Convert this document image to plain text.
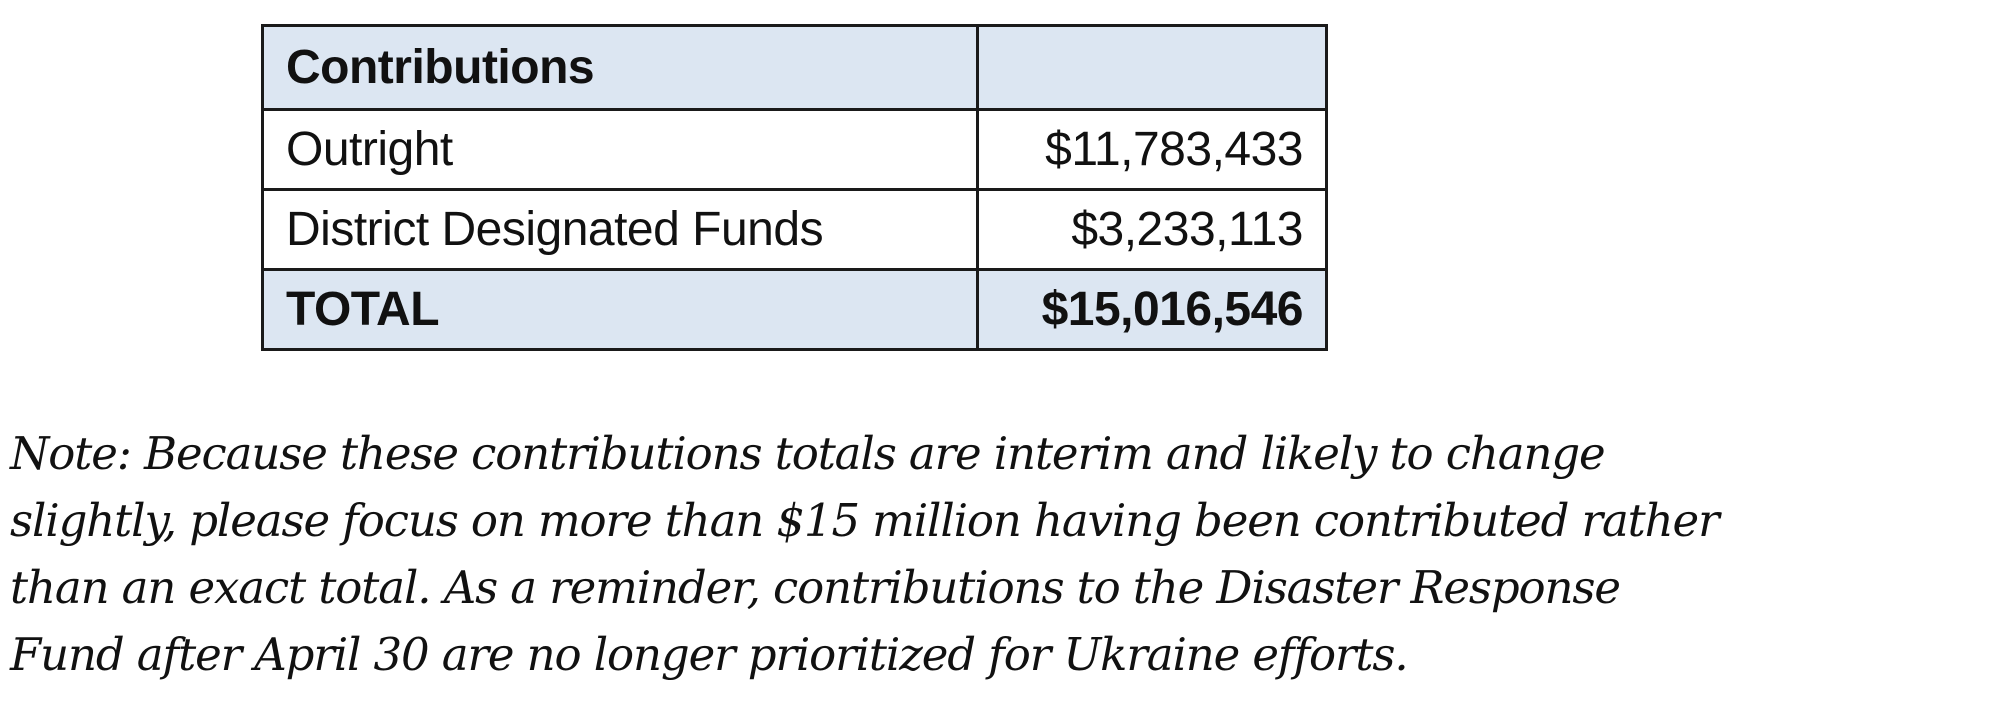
Contributions	
Outright	$11,783,433
District Designated Funds	$3,233,113
TOTAL	$15,016,546

Note: Because these contributions totals are interim and likely to change
slightly, please focus on more than $15 million having been contributed rather
than an exact total. As a reminder, contributions to the Disaster Response
Fund after April 30 are no longer prioritized for Ukraine efforts.
